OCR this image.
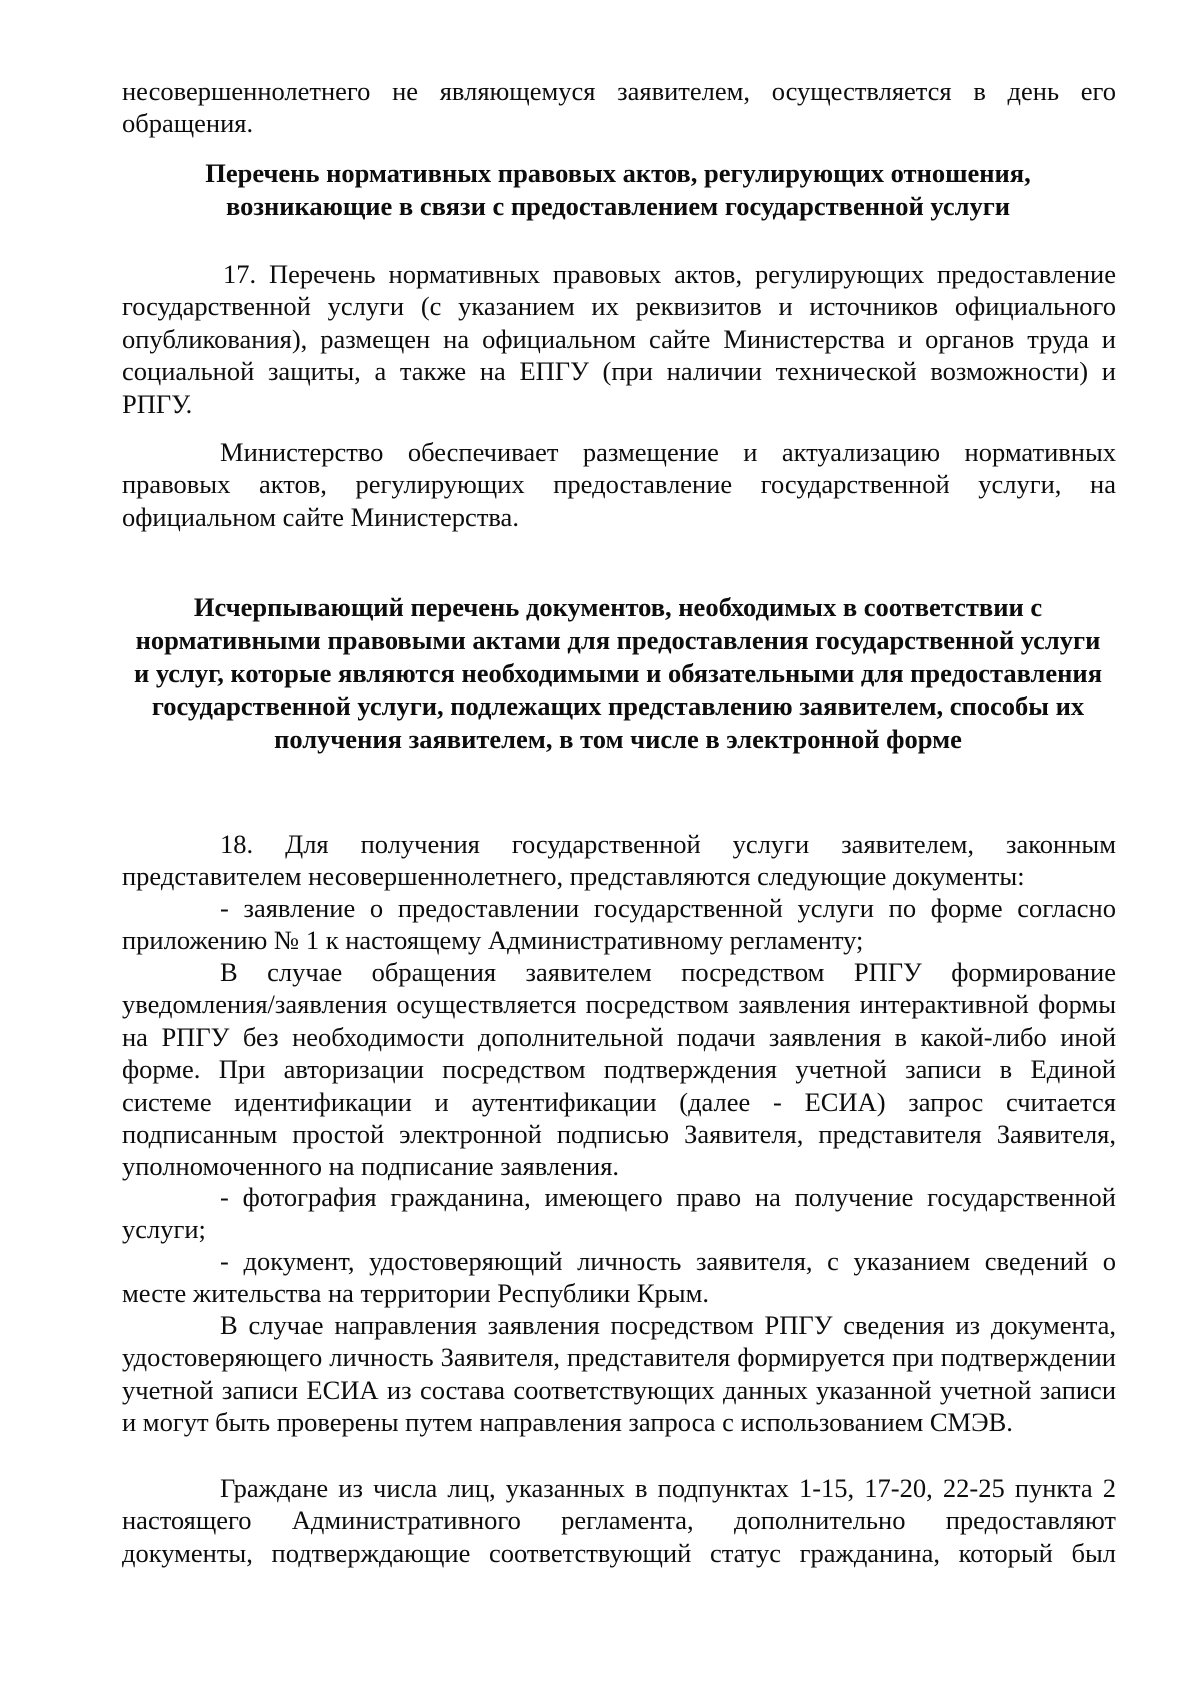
несовершеннолетнего не являющемуся заявителем, осуществляется в день его обращения.

Перечень нормативных правовых актов, регулирующих отношения, возникающие в связи с предоставлением государственной услуги

17. Перечень нормативных правовых актов, регулирующих предоставление государственной услуги (с указанием их реквизитов и источников официального опубликования), размещен на официальном сайте Министерства и органов труда и социальной защиты, а также на ЕПГУ (при наличии технической возможности) и РПГУ.

Министерство обеспечивает размещение и актуализацию нормативных правовых актов, регулирующих предоставление государственной услуги, на официальном сайте Министерства.

Исчерпывающий перечень документов, необходимых в соответствии с нормативными правовыми актами для предоставления государственной услуги и услуг, которые являются необходимыми и обязательными для предоставления государственной услуги, подлежащих представлению заявителем, способы их получения заявителем, в том числе в электронной форме

18. Для получения государственной услуги заявителем, законным представителем несовершеннолетнего, представляются следующие документы:

- заявление о предоставлении государственной услуги по форме согласно приложению № 1 к настоящему Административному регламенту;

В случае обращения заявителем посредством РПГУ формирование уведомления/заявления осуществляется посредством заявления интерактивной формы на РПГУ без необходимости дополнительной подачи заявления в какой-либо иной форме. При авторизации посредством подтверждения учетной записи в Единой системе идентификации и аутентификации (далее - ЕСИА) запрос считается подписанным простой электронной подписью Заявителя, представителя Заявителя, уполномоченного на подписание заявления.

- фотография гражданина, имеющего право на получение государственной услуги;

- документ, удостоверяющий личность заявителя, с указанием сведений о месте жительства на территории Республики Крым.

В случае направления заявления посредством РПГУ сведения из документа, удостоверяющего личность Заявителя, представителя формируется при подтверждении учетной записи ЕСИА из состава соответствующих данных указанной учетной записи и могут быть проверены путем направления запроса с использованием СМЭВ.

Граждане из числа лиц, указанных в подпунктах 1-15, 17-20, 22-25 пункта 2 настоящего Административного регламента, дополнительно предоставляют документы, подтверждающие соответствующий статус гражданина, который был
